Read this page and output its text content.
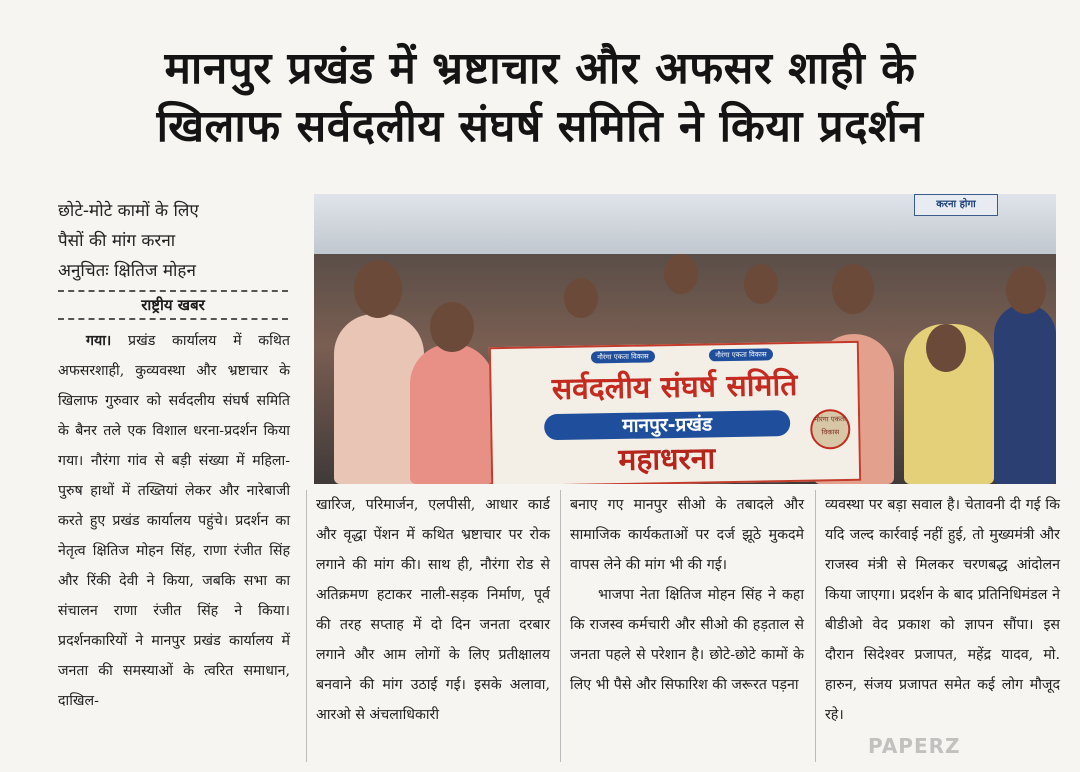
मानपुर प्रखंड में भ्रष्टाचार और अफसर शाही के
खिलाफ सर्वदलीय संघर्ष समिति ने किया प्रदर्शन
छोटे-मोटे कामों के लिए
पैसों की मांग करना
अनुचितः क्षितिज मोहन
राष्ट्रीय खबर
करना होगा
नौरंगा एकता विकास	नौरंगा एकता विकास
सर्वदलीय संघर्ष समिति
मानपुर-प्रखंड
महाधरना
नौरंगा एकता विकास

गया। प्रखंड कार्यालय में कथित अफसरशाही, कुव्यवस्था और भ्रष्टाचार के खिलाफ गुरुवार को सर्वदलीय संघर्ष समिति के बैनर तले एक विशाल धरना-प्रदर्शन किया गया। नौरंगा गांव से बड़ी संख्या में महिला-पुरुष हाथों में तख्तियां लेकर और नारेबाजी करते हुए प्रखंड कार्यालय पहुंचे। प्रदर्शन का नेतृत्व क्षितिज मोहन सिंह, राणा रंजीत सिंह और रिंकी देवी ने किया, जबकि सभा का संचालन राणा रंजीत सिंह ने किया। प्रदर्शनकारियों ने मानपुर प्रखंड कार्यालय में जनता की समस्याओं के त्वरित समाधान, दाखिल-

खारिज, परिमार्जन, एलपीसी, आधार कार्ड और वृद्धा पेंशन में कथित भ्रष्टाचार पर रोक लगाने की मांग की। साथ ही, नौरंगा रोड से अतिक्रमण हटाकर नाली-सड़क निर्माण, पूर्व की तरह सप्ताह में दो दिन जनता दरबार लगाने और आम लोगों के लिए प्रतीक्षालय बनवाने की मांग उठाई गई। इसके अलावा, आरओ से अंचलाधिकारी

बनाए गए मानपुर सीओ के तबादले और सामाजिक कार्यकताओं पर दर्ज झूठे मुकदमे वापस लेने की मांग भी की गई।

भाजपा नेता क्षितिज मोहन सिंह ने कहा कि राजस्व कर्मचारी और सीओ की हड़ताल से जनता पहले से परेशान है। छोटे-छोटे कामों के लिए भी पैसे और सिफारिश की जरूरत पड़ना

व्यवस्था पर बड़ा सवाल है। चेतावनी दी गई कि यदि जल्द कार्रवाई नहीं हुई, तो मुख्यमंत्री और राजस्व मंत्री से मिलकर चरणबद्ध आंदोलन किया जाएगा। प्रदर्शन के बाद प्रतिनिधिमंडल ने बीडीओ वेद प्रकाश को ज्ञापन सौंपा। इस दौरान सिदेश्वर प्रजापत, महेंद्र यादव, मो. हारुन, संजय प्रजापत समेत कई लोग मौजूद रहे।

PAPERZ
